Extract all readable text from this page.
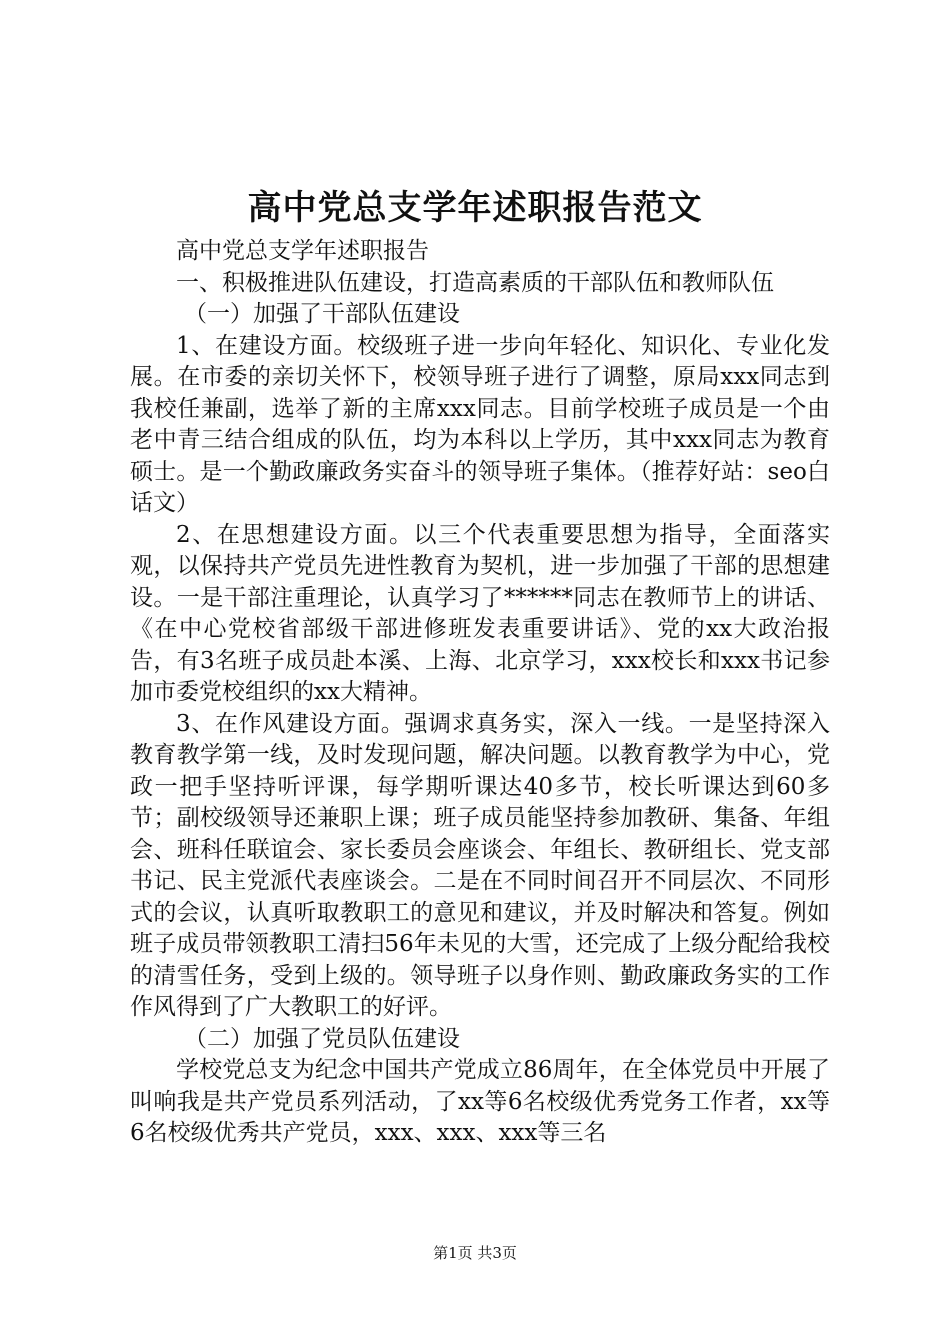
高中党总支学年述职报告范文

高中党总支学年述职报告

一、积极推进队伍建设，打造高素质的干部队伍和教师队伍

（一）加强了干部队伍建设

1、在建设方面。校级班子进一步向年轻化、知识化、专业化发展。在市委的亲切关怀下，校领导班子进行了调整，原局xxx同志到我校任兼副，选举了新的主席xxx同志。目前学校班子成员是一个由老中青三结合组成的队伍，均为本科以上学历，其中xxx同志为教育硕士。是一个勤政廉政务实奋斗的领导班子集体。（推荐好站：seo白话文）

2、在思想建设方面。以三个代表重要思想为指导，全面落实观，以保持共产党员先进性教育为契机，进一步加强了干部的思想建设。一是干部注重理论，认真学习了******同志在教师节上的讲话、《在中心党校省部级干部进修班发表重要讲话》、党的xx大政治报告，有3名班子成员赴本溪、上海、北京学习，xxx校长和xxx书记参加市委党校组织的xx大精神。

3、在作风建设方面。强调求真务实，深入一线。一是坚持深入教育教学第一线，及时发现问题，解决问题。以教育教学为中心，党政一把手坚持听评课，每学期听课达40多节，校长听课达到60多节；副校级领导还兼职上课；班子成员能坚持参加教研、集备、年组会、班科任联谊会、家长委员会座谈会、年组长、教研组长、党支部书记、民主党派代表座谈会。二是在不同时间召开不同层次、不同形式的会议，认真听取教职工的意见和建议，并及时解决和答复。例如班子成员带领教职工清扫56年未见的大雪，还完成了上级分配给我校的清雪任务，受到上级的。领导班子以身作则、勤政廉政务实的工作作风得到了广大教职工的好评。

（二）加强了党员队伍建设

学校党总支为纪念中国共产党成立86周年，在全体党员中开展了叫响我是共产党员系列活动，了xx等6名校级优秀党务工作者，xx等6名校级优秀共产党员，xxx、xxx、xxx等三名

第1页 共3页
